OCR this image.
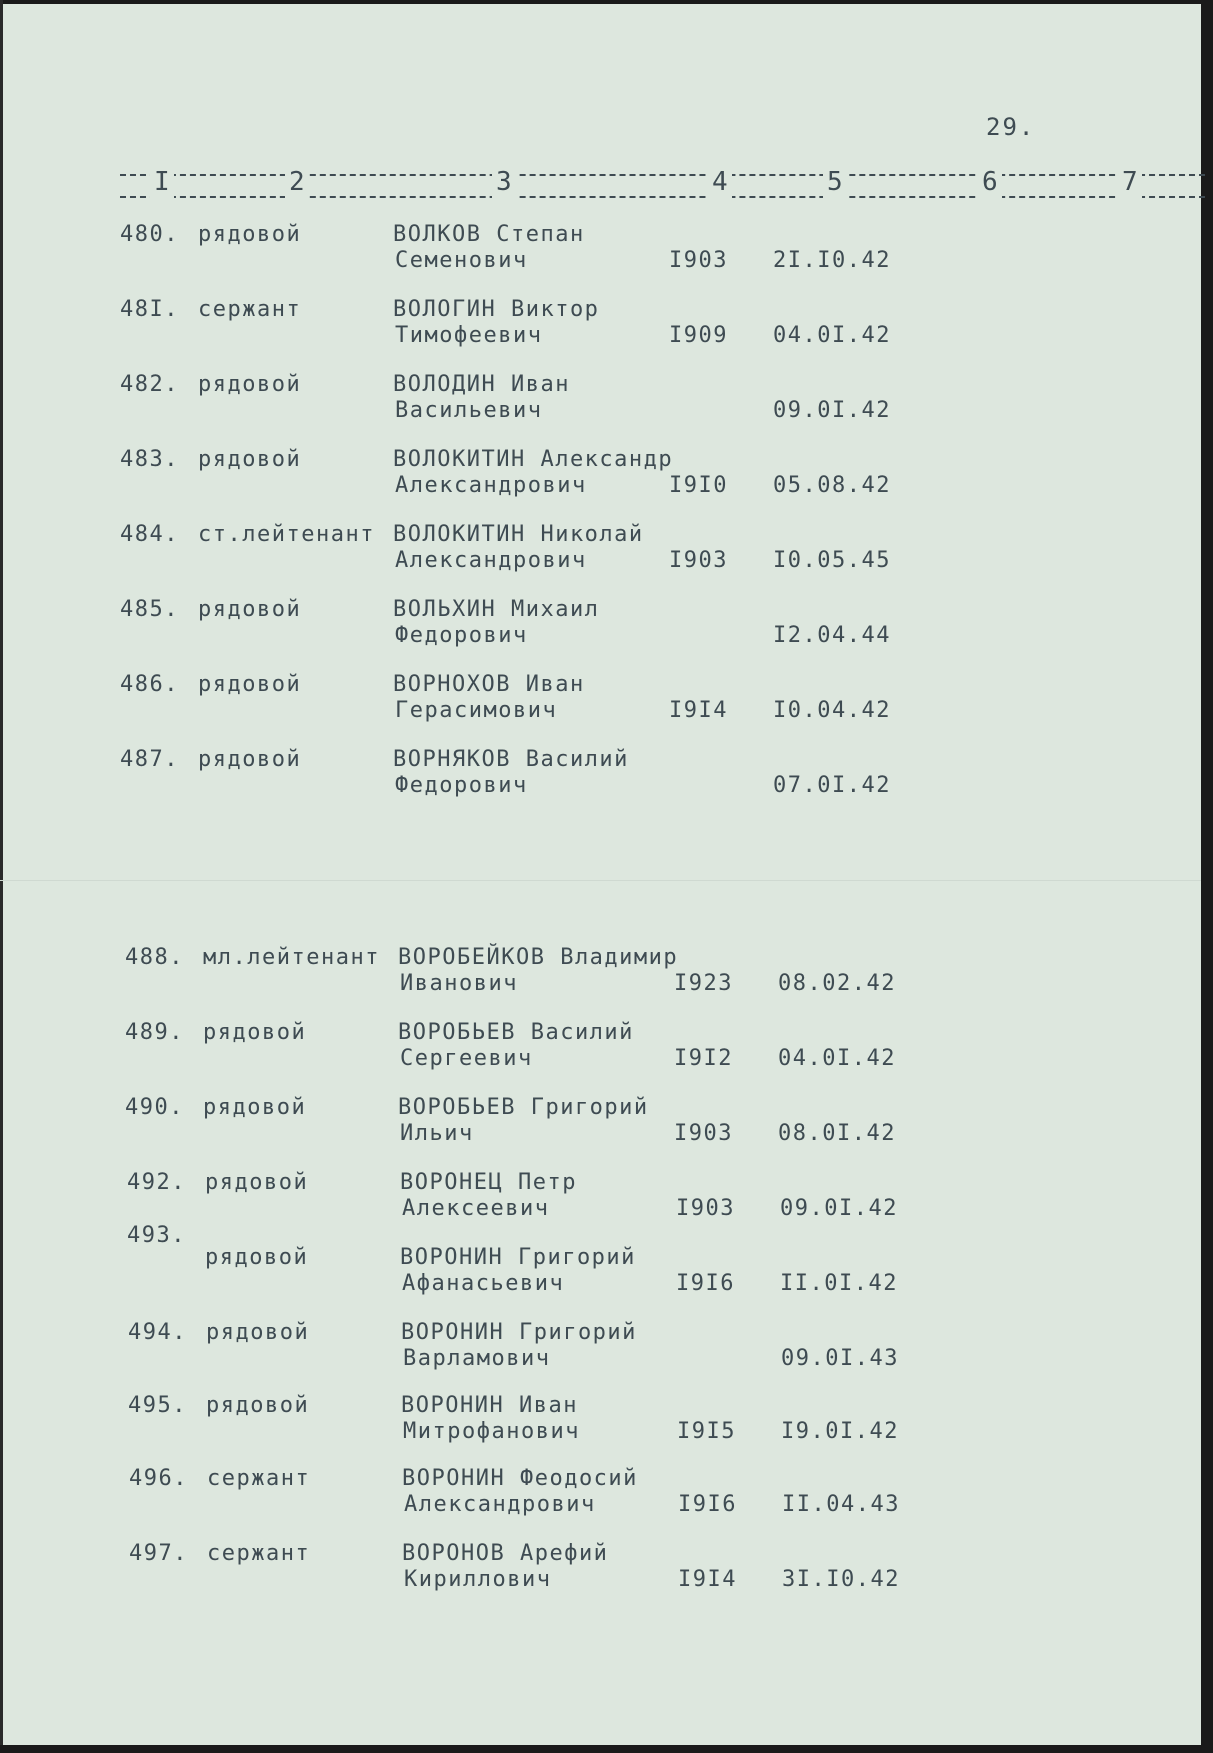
29.
I	2	3	4	5	6	7
480. рядовой	ВОЛКОВ Степан
Семенович	I903 2I.I0.42
48I. сержант	ВОЛОГИН Виктор
Тимофеевич	I909 04.0I.42
482. рядовой	ВОЛОДИН Иван
Васильевич	09.0I.42
483. рядовой	ВОЛОКИТИН Александр
Александрович	I9I0 05.08.42
484. ст.лейтенант ВОЛОКИТИН Николай
Александрович	I903 I0.05.45
485. рядовой	ВОЛЬХИН Михаил
Федорович	I2.04.44
486. рядовой	ВОРНОХОВ Иван
Герасимович	I9I4 I0.04.42
487. рядовой	ВОРНЯКОВ Василий
Федорович	07.0I.42
488. мл.лейтенант ВОРОБЕЙКОВ Владимир
Иванович	I923 08.02.42
489. рядовой	ВОРОБЬЕВ Василий
Сергеевич	I9I2 04.0I.42
490. рядовой	ВОРОБЬЕВ Григорий
Ильич	I903 08.0I.42
492. рядовой	ВОРОНЕЦ Петр
Алексеевич	I903 09.0I.42
493.
рядовой	ВОРОНИН Григорий
Афанасьевич	I9I6 II.0I.42
494. рядовой	ВОРОНИН Григорий
Варламович	09.0I.43
495. рядовой	ВОРОНИН Иван
Митрофанович	I9I5 I9.0I.42
496. сержант	ВОРОНИН Феодосий
Александрович	I9I6 II.04.43
497. сержант	ВОРОНОВ Арефий
Кириллович	I9I4 3I.I0.42
